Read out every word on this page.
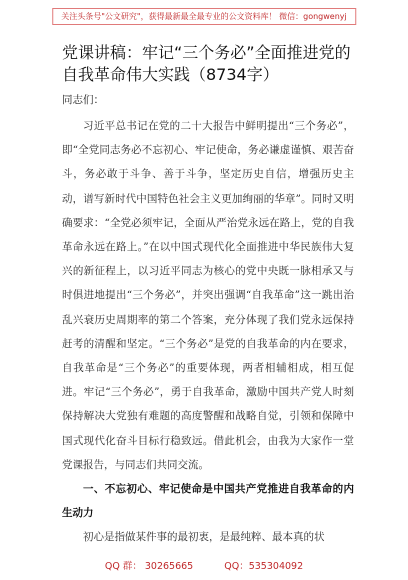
关注头条号"公文研究"，获得最新最全最专业的公文资料库！ 微信：gongwenyj
党课讲稿：牢记“三个务必”全面推进党的自我革命伟大实践（8734字）
同志们：

习近平总书记在党的二十大报告中鲜明提出“三个务必”，即“全党同志务必不忘初心、牢记使命，务必谦虚谨慎、艰苦奋斗，务必敢于斗争、善于斗争，坚定历史自信，增强历史主动，谱写新时代中国特色社会主义更加绚丽的华章”。同时又明确要求：“全党必须牢记，全面从严治党永远在路上，党的自我革命永远在路上。”在以中国式现代化全面推进中华民族伟大复兴的新征程上，以习近平同志为核心的党中央既一脉相承又与时俱进地提出“三个务必”，并突出强调“自我革命”这一跳出治乱兴衰历史周期率的第二个答案，充分体现了我们党永远保持赶考的清醒和坚定。“三个务必”是党的自我革命的内在要求，自我革命是“三个务必”的重要体现，两者相辅相成，相互促进。牢记“三个务必”，勇于自我革命，激励中国共产党人时刻保持解决大党独有难题的高度警醒和战略自觉，引领和保障中国式现代化奋斗目标行稳致远。借此机会，由我为大家作一堂党课报告，与同志们共同交流。

一、不忘初心、牢记使命是中国共产党推进自我革命的内生动力

初心是指做某件事的最初衷，是最纯粹、最本真的状

QQ 群： 30265665	QQ：535304092
